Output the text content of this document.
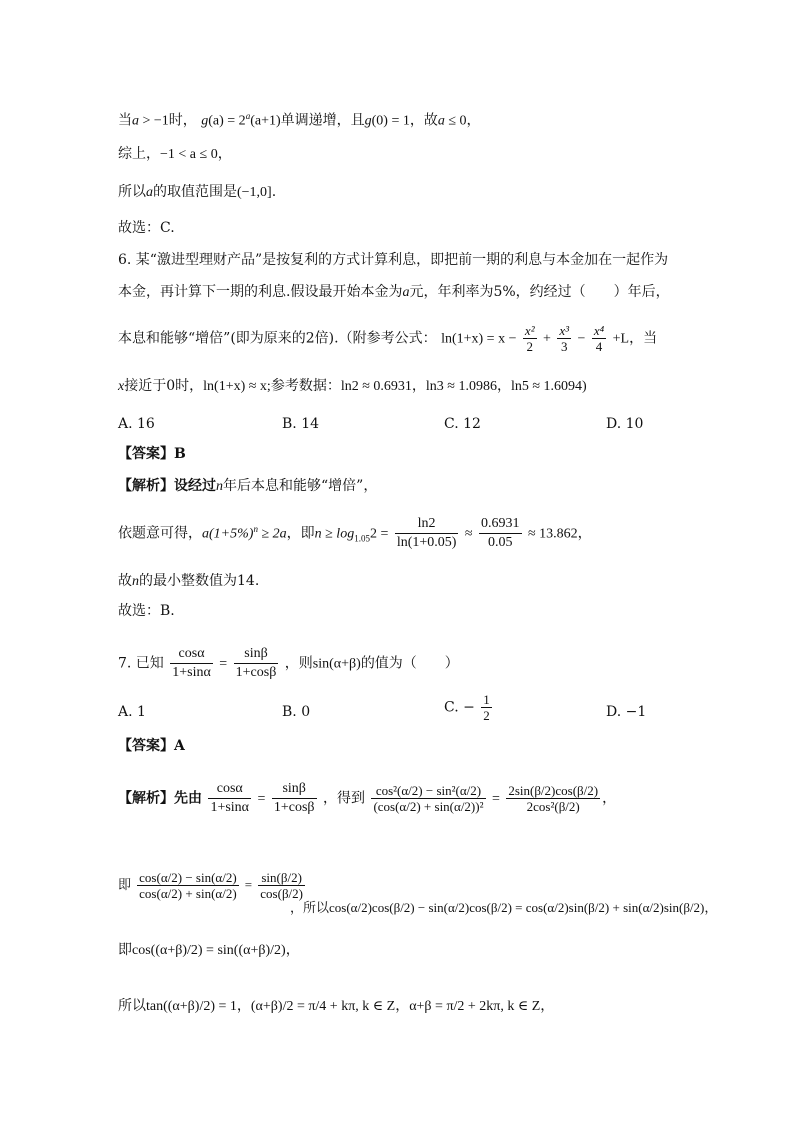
当a > −1时， $g(a) = 2^a(a+1)$单调递增，且g(0) = 1，故a ≤ 0，
综上，−1 < a ≤ 0，
所以a的取值范围是(−1,0].
故选：C.
6. 某“激进型理财产品”是按复利的方式计算利息，即把前一期的利息与本金加在一起作为
本金，再计算下一期的利息.假设最开始本金为a元，年利率为5%，约经过（　　）年后，
本息和能够“增倍”(即为原来的2倍).（附参考公式： $\ln(1+x) = x - \frac{\text{x²}}{2} + \frac{\text{x³}}{3} - \frac{\text{x⁴}}{4} +L$，当
x接近于0时，ln(1+x) ≈ x;参考数据：ln2 ≈ 0.6931，ln3 ≈ 1.0986，ln5 ≈ 1.6094)
A. 16	B. 14	C. 12	D. 10
【答案】B
【解析】设经过n年后本息和能够“增倍”，
依题意可得，$a(1+5\%)^n \ge 2a$，即$n \ge \log_{1.05}2 = \frac{\ln 2}{\ln(1+0.05)} \approx \frac{0.6931}{0.05} \approx 13.862$，
故n的最小整数值为14.
故选：B.
7. 已知 $\frac{\cos\alpha}{1+\sin\alpha} = \frac{\sin\beta}{1+\cos\beta}$ ，则sin(α+β)的值为（　　）
A. 1	B. 0	C. − $\frac{1}{2}$	D. −1
【答案】A
【解析】先由 $\frac{\cos\alpha}{1+\sin\alpha} = \frac{\sin\beta}{1+\cos\beta}$ ，得到 $\frac{\text{cos²(α/2) − sin²(α/2)}}{\text{(cos(α/2) + sin(α/2))²}} = \frac{2\sin(\beta/2)\cos(\beta/2)}{\text{2cos²(β/2)}}$ ，
即 $\frac{\cos(\alpha/2) - \sin(\alpha/2)}{\cos(\alpha/2) + \sin(\alpha/2)} = \frac{\sin(\beta/2)}{\cos(\beta/2)}$
，所以cos(α/2)cos(β/2) − sin(α/2)cos(β/2) = cos(α/2)sin(β/2) + sin(α/2)sin(β/2)，
即cos((α+β)/2) = sin((α+β)/2)，
所以tan((α+β)/2) = 1，(α+β)/2 = π/4 + kπ, k ∈ Z，α+β = π/2 + 2kπ, k ∈ Z，
